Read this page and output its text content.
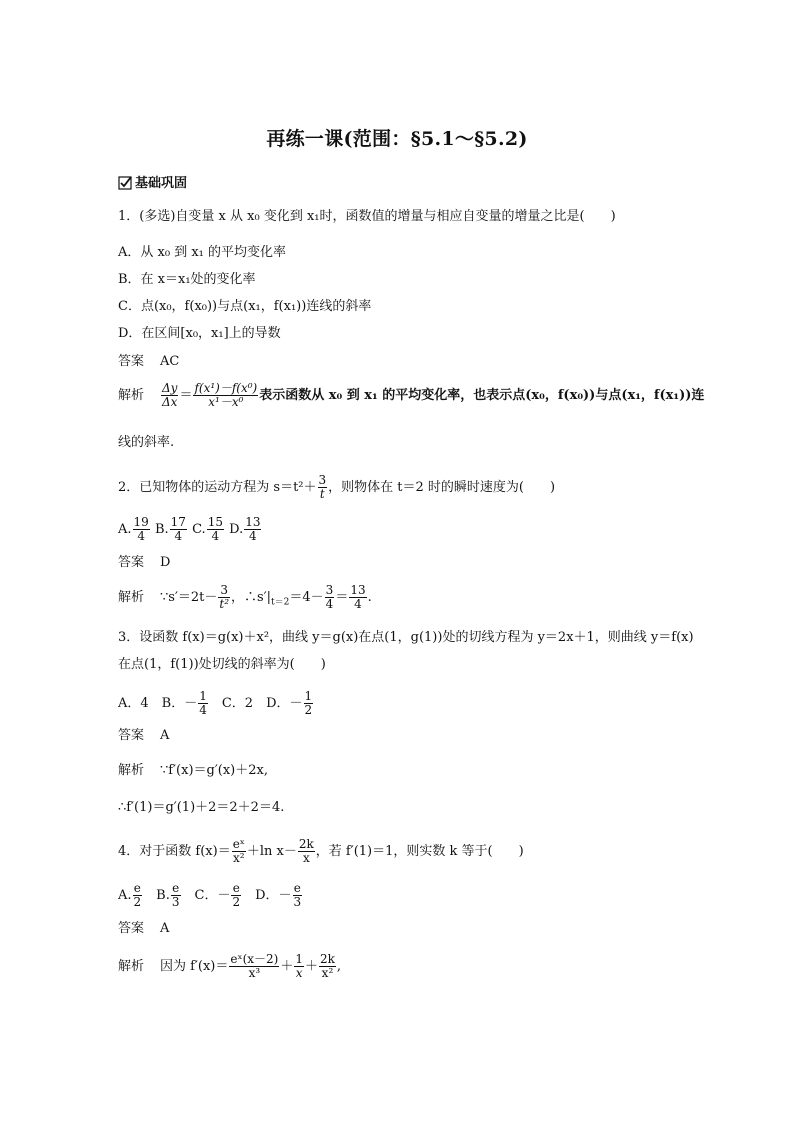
再练一课(范围：§5.1～§5.2)
基础巩固
1．(多选)自变量 x 从 x₀ 变化到 x₁时，函数值的增量与相应自变量的增量之比是(　　)
A．从 x₀ 到 x₁ 的平均变化率
B．在 x＝x₁处的变化率
C．点(x₀，f(x₀))与点(x₁，f(x₁))连线的斜率
D．在区间[x₀，x₁]上的导数
答案 AC
解析 $\frac{\Delta y}{\Delta x} = \frac{\text{f(x¹)－f(x⁰)}}{\text{x¹－x⁰}}$ 表示函数从 x₀ 到 x₁ 的平均变化率，也表示点(x₀，f(x₀))与点(x₁，f(x₁))连
线的斜率.
2．已知物体的运动方程为 $s=t^2+ \frac{3}{t}$ ，则物体在 t＝2 时的瞬时速度为(　　)
A. $\frac{19}{4} B$. $\frac{17}{4} C$. $\frac{15}{4} D$. $\frac{13}{4}$
答案 D
解析 ∵s′＝2t－ $\frac{3}{\text{t²}}$ ，$\therefore s'|_{t=2}=4- \frac{3}{4} = \frac{13}{4}$ .
3．设函数 f(x)＝g(x)＋x²，曲线 y＝g(x)在点(1，g(1))处的切线方程为 y＝2x＋1，则曲线 y＝f(x)
在点(1，f(1))处切线的斜率为(　　)
A．4　B．－ $\frac{1}{4}$ 　C．2　D．－ $\frac{1}{2}$
答案 A
解析 ∵f′(x)＝g′(x)＋2x,
∴f′(1)＝g′(1)＋2＝2＋2＝4.
4．对于函数 $f(x)= \frac{\text{eˣ}}{\text{x²}} +\ln$ $x- \frac{2k}{x}$ ，若 f′(1)＝1，则实数 k 等于(　　)
A. $\frac{e}{2}$ 　B. $\frac{e}{3}$ 　C．－ $\frac{e}{2}$ 　D．－ $\frac{e}{3}$
答案 A
解析 因为 $f'(x)= \frac{\text{eˣ(x－2)}}{\text{x³}} + \frac{1}{x} + \frac{2k}{\text{x²}}$ ,
